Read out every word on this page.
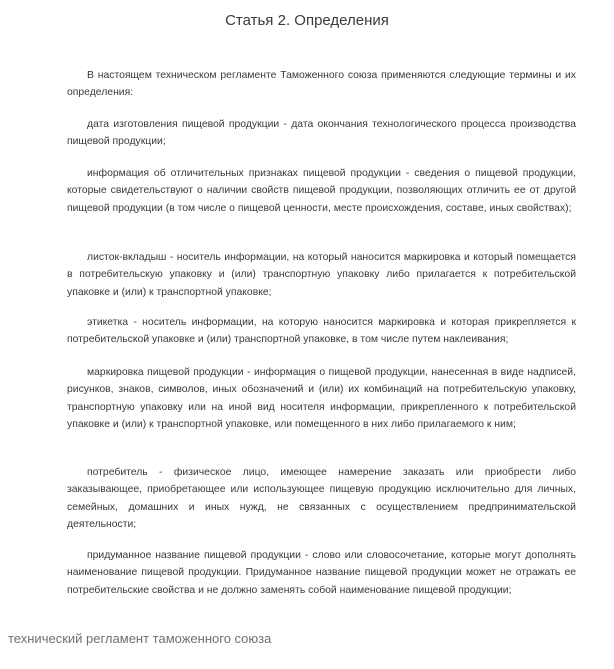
Статья 2. Определения

В настоящем техническом регламенте Таможенного союза применяются следующие термины и их определения:

дата изготовления пищевой продукции - дата окончания технологического процесса производства пищевой продукции;

информация об отличительных признаках пищевой продукции - сведения о пищевой продукции, которые свидетельствуют о наличии свойств пищевой продукции, позволяющих отличить ее от другой пищевой продукции (в том числе о пищевой ценности, месте происхождения, составе, иных свойствах);

листок-вкладыш - носитель информации, на который наносится маркировка и который помещается в потребительскую упаковку и (или) транспортную упаковку либо прилагается к потребительской упаковке и (или) к транспортной упаковке;

этикетка - носитель информации, на которую наносится маркировка и которая прикрепляется к потребительской упаковке и (или) транспортной упаковке, в том числе путем наклеивания;

маркировка пищевой продукции - информация о пищевой продукции, нанесенная в виде надписей, рисунков, знаков, символов, иных обозначений и (или) их комбинаций на потребительскую упаковку, транспортную упаковку или на иной вид носителя информации, прикрепленного к потребительской упаковке и (или) к транспортной упаковке, или помещенного в них либо прилагаемого к ним;

потребитель - физическое лицо, имеющее намерение заказать или приобрести либо заказывающее, приобретающее или использующее пищевую продукцию исключительно для личных, семейных, домашних и иных нужд, не связанных с осуществлением предпринимательской деятельности;

придуманное название пищевой продукции - слово или словосочетание, которые могут дополнять наименование пищевой продукции. Придуманное название пищевой продукции может не отражать ее потребительские свойства и не должно заменять собой наименование пищевой продукции;

технический регламент таможенного союза
